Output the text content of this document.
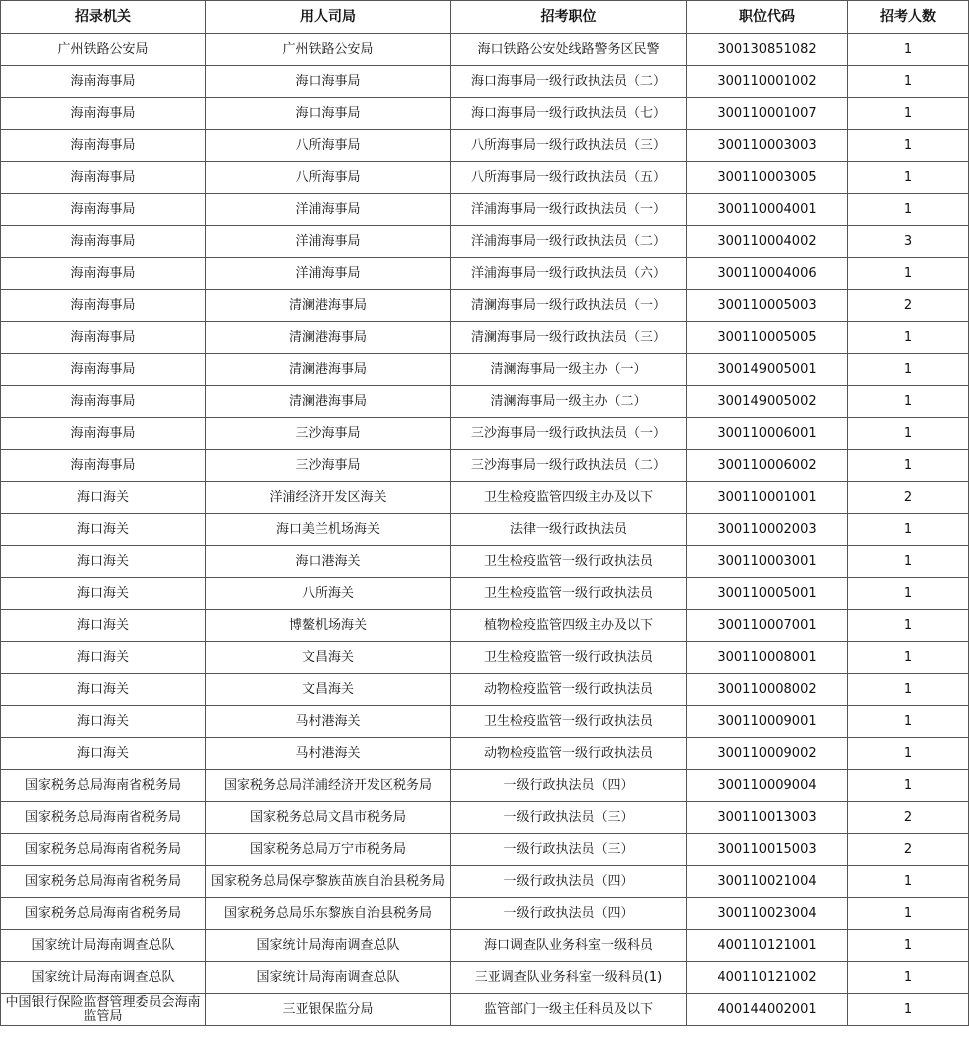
招录机关	用人司局	招考职位	职位代码	招考人数
广州铁路公安局	广州铁路公安局	海口铁路公安处线路警务区民警	300130851082	1
海南海事局	海口海事局	海口海事局一级行政执法员（二）	300110001002	1
海南海事局	海口海事局	海口海事局一级行政执法员（七）	300110001007	1
海南海事局	八所海事局	八所海事局一级行政执法员（三）	300110003003	1
海南海事局	八所海事局	八所海事局一级行政执法员（五）	300110003005	1
海南海事局	洋浦海事局	洋浦海事局一级行政执法员（一）	300110004001	1
海南海事局	洋浦海事局	洋浦海事局一级行政执法员（二）	300110004002	3
海南海事局	洋浦海事局	洋浦海事局一级行政执法员（六）	300110004006	1
海南海事局	清澜港海事局	清澜海事局一级行政执法员（一）	300110005003	2
海南海事局	清澜港海事局	清澜海事局一级行政执法员（三）	300110005005	1
海南海事局	清澜港海事局	清澜海事局一级主办（一）	300149005001	1
海南海事局	清澜港海事局	清澜海事局一级主办（二）	300149005002	1
海南海事局	三沙海事局	三沙海事局一级行政执法员（一）	300110006001	1
海南海事局	三沙海事局	三沙海事局一级行政执法员（二）	300110006002	1
海口海关	洋浦经济开发区海关	卫生检疫监管四级主办及以下	300110001001	2
海口海关	海口美兰机场海关	法律一级行政执法员	300110002003	1
海口海关	海口港海关	卫生检疫监管一级行政执法员	300110003001	1
海口海关	八所海关	卫生检疫监管一级行政执法员	300110005001	1
海口海关	博鳌机场海关	植物检疫监管四级主办及以下	300110007001	1
海口海关	文昌海关	卫生检疫监管一级行政执法员	300110008001	1
海口海关	文昌海关	动物检疫监管一级行政执法员	300110008002	1
海口海关	马村港海关	卫生检疫监管一级行政执法员	300110009001	1
海口海关	马村港海关	动物检疫监管一级行政执法员	300110009002	1
国家税务总局海南省税务局	国家税务总局洋浦经济开发区税务局	一级行政执法员（四）	300110009004	1
国家税务总局海南省税务局	国家税务总局文昌市税务局	一级行政执法员（三）	300110013003	2
国家税务总局海南省税务局	国家税务总局万宁市税务局	一级行政执法员（三）	300110015003	2
国家税务总局海南省税务局	国家税务总局保亭黎族苗族自治县税务局	一级行政执法员（四）	300110021004	1
国家税务总局海南省税务局	国家税务总局乐东黎族自治县税务局	一级行政执法员（四）	300110023004	1
国家统计局海南调查总队	国家统计局海南调查总队	海口调查队业务科室一级科员	400110121001	1
国家统计局海南调查总队	国家统计局海南调查总队	三亚调查队业务科室一级科员(1)	400110121002	1
中国银行保险监督管理委员会海南监管局	三亚银保监分局	监管部门一级主任科员及以下	400144002001	1
